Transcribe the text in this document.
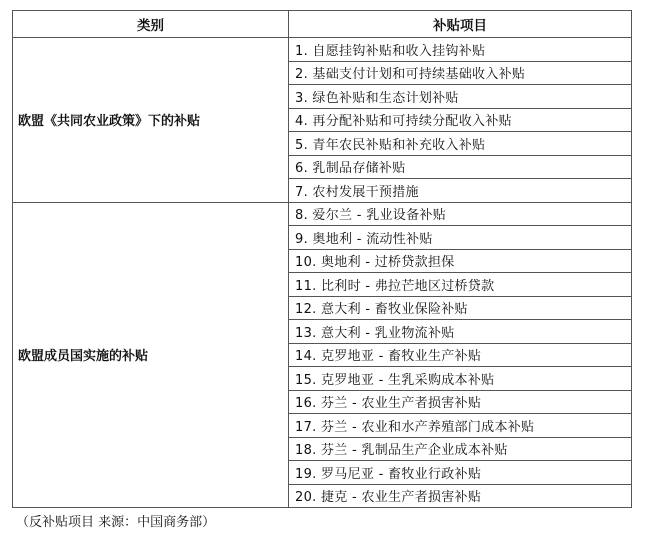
类别	补贴项目
欧盟《共同农业政策》下的补贴	1. 自愿挂钩补贴和收入挂钩补贴
	2. 基础支付计划和可持续基础收入补贴
	3. 绿色补贴和生态计划补贴
	4. 再分配补贴和可持续分配收入补贴
	5. 青年农民补贴和补充收入补贴
	6. 乳制品存储补贴
	7. 农村发展干预措施
欧盟成员国实施的补贴	8. 爱尔兰 - 乳业设备补贴
	9. 奥地利 - 流动性补贴
	10. 奥地利 - 过桥贷款担保
	11. 比利时 - 弗拉芒地区过桥贷款
	12. 意大利 - 畜牧业保险补贴
	13. 意大利 - 乳业物流补贴
	14. 克罗地亚 - 畜牧业生产补贴
	15. 克罗地亚 - 生乳采购成本补贴
	16. 芬兰 - 农业生产者损害补贴
	17. 芬兰 - 农业和水产养殖部门成本补贴
	18. 芬兰 - 乳制品生产企业成本补贴
	19. 罗马尼亚 - 畜牧业行政补贴
	20. 捷克 - 农业生产者损害补贴
（反补贴项目 来源：中国商务部）
